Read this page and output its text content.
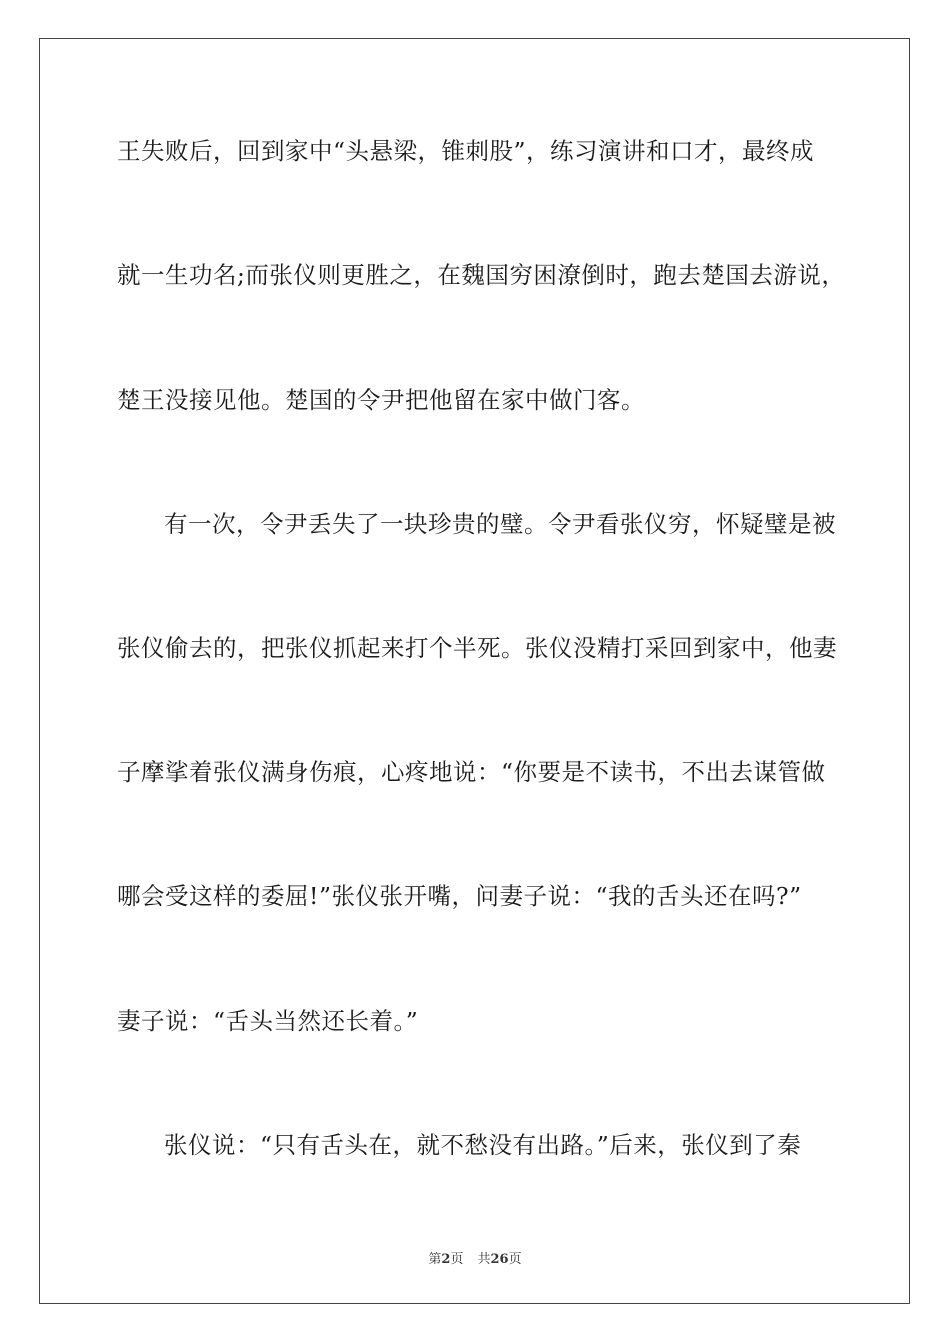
王失败后，回到家中“头悬梁，锥刺股”，练习演讲和口才，最终成
就一生功名;而张仪则更胜之，在魏国穷困潦倒时，跑去楚国去游说，
楚王没接见他。楚国的令尹把他留在家中做门客。
有一次，令尹丢失了一块珍贵的璧。令尹看张仪穷，怀疑璧是被
张仪偷去的，把张仪抓起来打个半死。张仪没精打采回到家中，他妻
子摩挲着张仪满身伤痕，心疼地说：“你要是不读书，不出去谋管做
哪会受这样的委屈!”张仪张开嘴，问妻子说：“我的舌头还在吗?”
妻子说：“舌头当然还长着。”
张仪说：“只有舌头在，就不愁没有出路。”后来，张仪到了秦
第2页 共26页
